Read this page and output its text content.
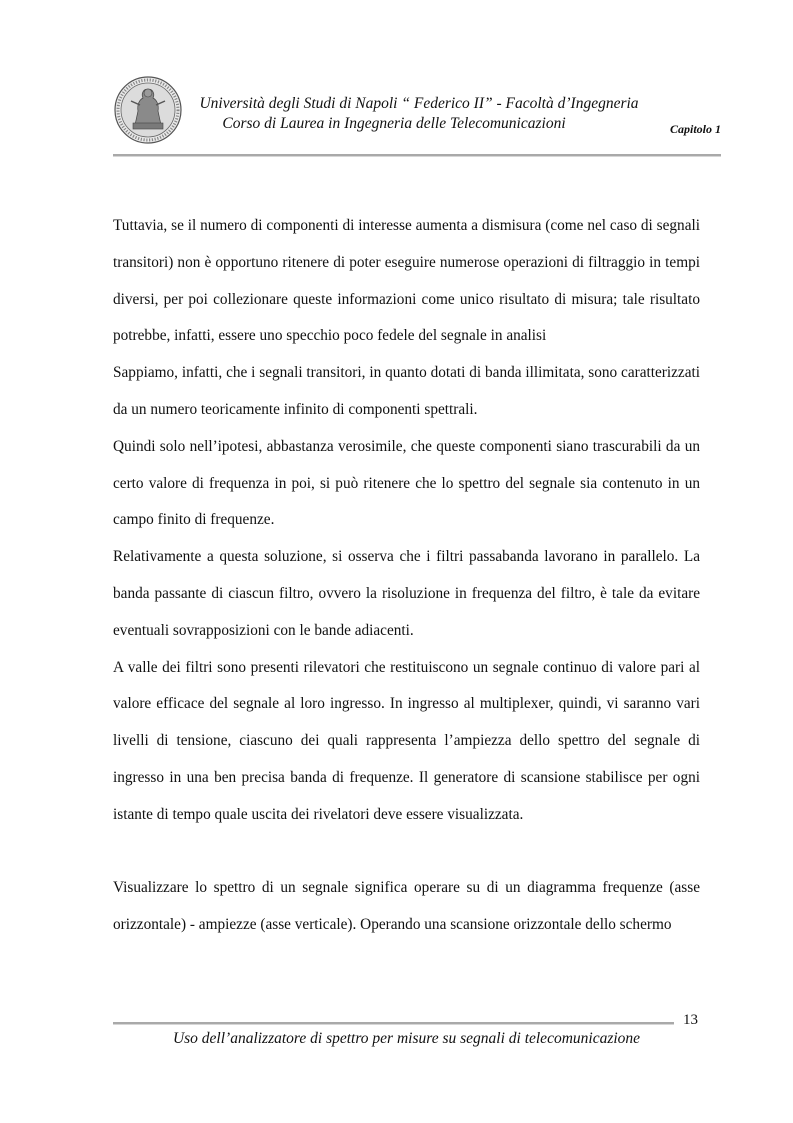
Università degli Studi di Napoli “ Federico II” - Facoltà d’Ingegneria
Corso di Laurea in Ingegneria delle Telecomunicazioni	Capitolo 1

Tuttavia, se il numero di componenti di interesse aumenta a dismisura (come nel caso di segnali transitori) non è opportuno ritenere di poter eseguire numerose operazioni di filtraggio in tempi diversi, per poi collezionare queste informazioni come unico risultato di misura; tale risultato potrebbe, infatti, essere uno specchio poco fedele del segnale in analisi

Sappiamo, infatti, che i segnali transitori, in quanto dotati di banda illimitata, sono caratterizzati da un numero teoricamente infinito di componenti spettrali.

Quindi solo nell’ipotesi, abbastanza verosimile, che queste componenti siano trascurabili da un certo valore di frequenza in poi, si può ritenere che lo spettro del segnale sia contenuto in un campo finito di frequenze.

Relativamente a questa soluzione, si osserva che i filtri passabanda lavorano in parallelo. La banda passante di ciascun filtro, ovvero la risoluzione in frequenza del filtro, è tale da evitare eventuali sovrapposizioni con le bande adiacenti.

A valle dei filtri sono presenti rilevatori che restituiscono un segnale continuo di valore pari al valore efficace del segnale al loro ingresso. In ingresso al multiplexer, quindi, vi saranno vari livelli di tensione, ciascuno dei quali rappresenta l’ampiezza dello spettro del segnale di ingresso in una ben precisa banda di frequenze. Il generatore di scansione stabilisce per ogni istante di tempo quale uscita dei rivelatori deve essere visualizzata.

Visualizzare lo spettro di un segnale significa operare su di un diagramma frequenze (asse orizzontale) - ampiezze (asse verticale). Operando una scansione orizzontale dello schermo

13
Uso dell’analizzatore di spettro per misure su segnali di telecomunicazione
